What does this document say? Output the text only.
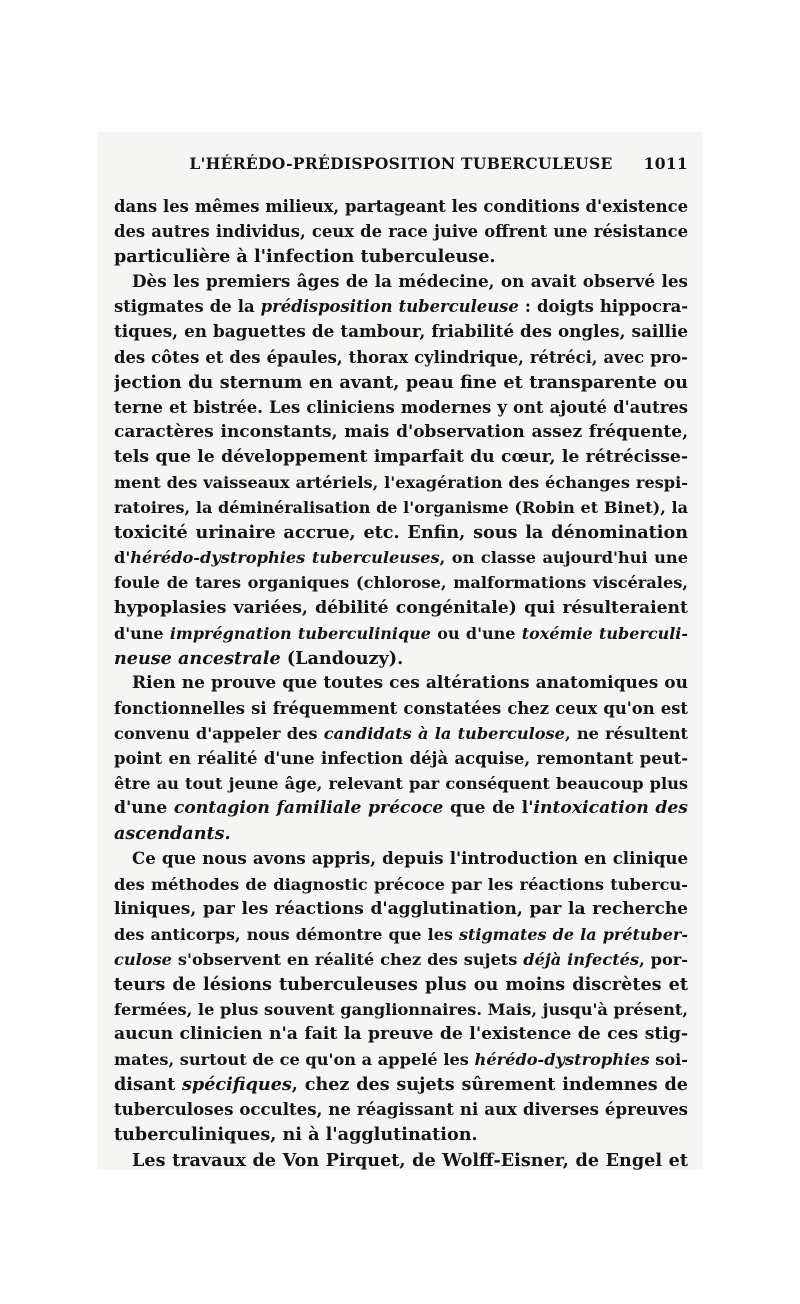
L'HÉRÉDO-PRÉDISPOSITION TUBERCULEUSE	1011
dans les mêmes milieux, partageant les conditions d'existence
des autres individus, ceux de race juive offrent une résistance
particulière à l'infection tuberculeuse.
Dès les premiers âges de la médecine, on avait observé les
stigmates de la prédisposition tuberculeuse : doigts hippocra-
tiques, en baguettes de tambour, friabilité des ongles, saillie
des côtes et des épaules, thorax cylindrique, rétréci, avec pro-
jection du sternum en avant, peau fine et transparente ou
terne et bistrée. Les cliniciens modernes y ont ajouté d'autres
caractères inconstants, mais d'observation assez fréquente,
tels que le développement imparfait du cœur, le rétrécisse-
ment des vaisseaux artériels, l'exagération des échanges respi-
ratoires, la déminéralisation de l'organisme (Robin et Binet), la
toxicité urinaire accrue, etc. Enfin, sous la dénomination
d'hérédo-dystrophies tuberculeuses, on classe aujourd'hui une
foule de tares organiques (chlorose, malformations viscérales,
hypoplasies variées, débilité congénitale) qui résulteraient
d'une imprégnation tuberculinique ou d'une toxémie tuberculi-
neuse ancestrale (Landouzy).
Rien ne prouve que toutes ces altérations anatomiques ou
fonctionnelles si fréquemment constatées chez ceux qu'on est
convenu d'appeler des candidats à la tuberculose, ne résultent
point en réalité d'une infection déjà acquise, remontant peut-
être au tout jeune âge, relevant par conséquent beaucoup plus
d'une contagion familiale précoce que de l'intoxication des
ascendants.
Ce que nous avons appris, depuis l'introduction en clinique
des méthodes de diagnostic précoce par les réactions tubercu-
liniques, par les réactions d'agglutination, par la recherche
des anticorps, nous démontre que les stigmates de la prétuber-
culose s'observent en réalité chez des sujets déjà infectés, por-
teurs de lésions tuberculeuses plus ou moins discrètes et
fermées, le plus souvent ganglionnaires. Mais, jusqu'à présent,
aucun clinicien n'a fait la preuve de l'existence de ces stig-
mates, surtout de ce qu'on a appelé les hérédo-dystrophies soi-
disant spécifiques, chez des sujets sûrement indemnes de
tuberculoses occultes, ne réagissant ni aux diverses épreuves
tuberculiniques, ni à l'agglutination.
Les travaux de Von Pirquet, de Wolff-Eisner, de Engel et
